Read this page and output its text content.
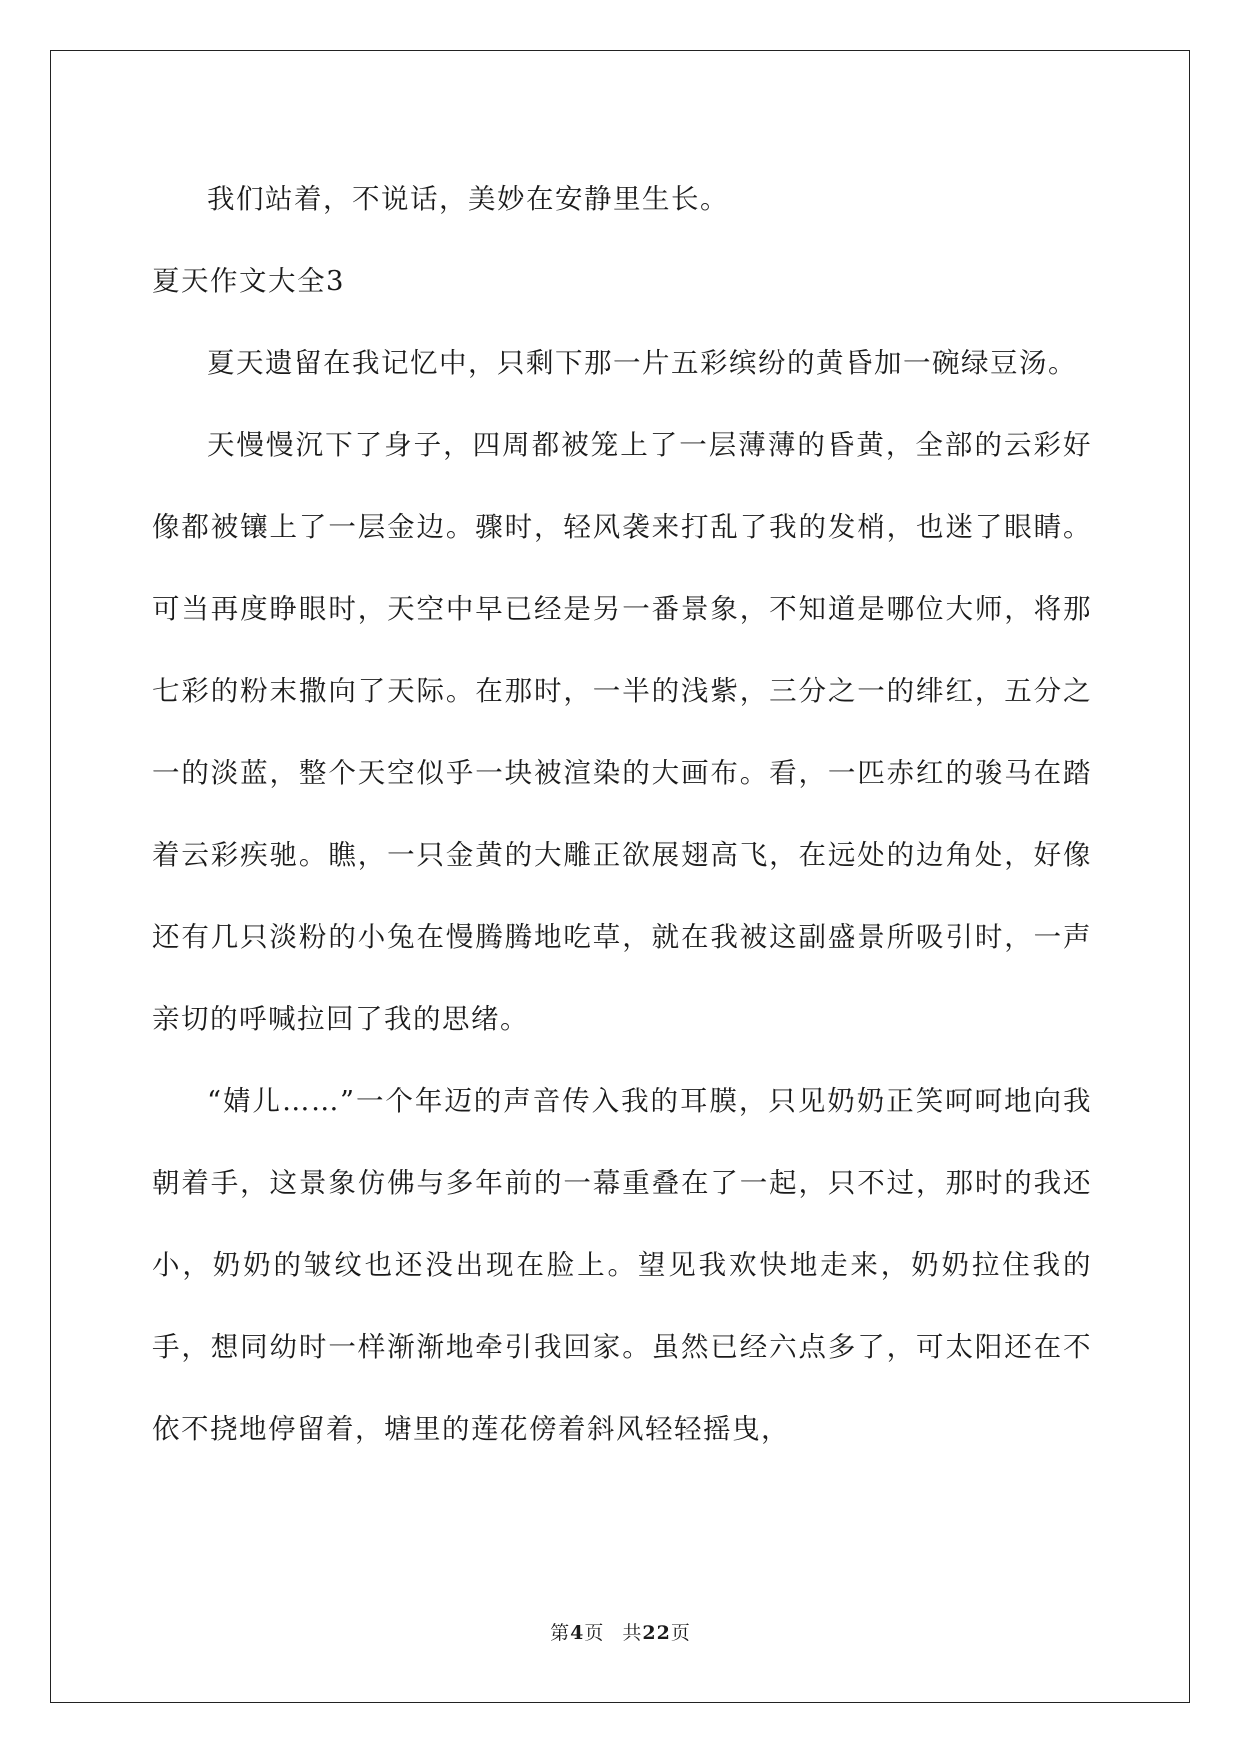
我们站着，不说话，美妙在安静里生长。

夏天作文大全3

夏天遗留在我记忆中，只剩下那一片五彩缤纷的黄昏加一碗绿豆汤。

天慢慢沉下了身子，四周都被笼上了一层薄薄的昏黄，全部的云彩好像都被镶上了一层金边。骤时，轻风袭来打乱了我的发梢，也迷了眼睛。可当再度睁眼时，天空中早已经是另一番景象，不知道是哪位大师，将那七彩的粉末撒向了天际。在那时，一半的浅紫，三分之一的绯红，五分之一的淡蓝，整个天空似乎一块被渲染的大画布。看，一匹赤红的骏马在踏着云彩疾驰。瞧，一只金黄的大雕正欲展翅高飞，在远处的边角处，好像还有几只淡粉的小兔在慢腾腾地吃草，就在我被这副盛景所吸引时，一声亲切的呼喊拉回了我的思绪。

“婧儿……”一个年迈的声音传入我的耳膜，只见奶奶正笑呵呵地向我朝着手，这景象仿佛与多年前的一幕重叠在了一起，只不过，那时的我还小，奶奶的皱纹也还没出现在脸上。望见我欢快地走来，奶奶拉住我的手，想同幼时一样渐渐地牵引我回家。虽然已经六点多了，可太阳还在不依不挠地停留着，塘里的莲花傍着斜风轻轻摇曳，

第4页 共22页
